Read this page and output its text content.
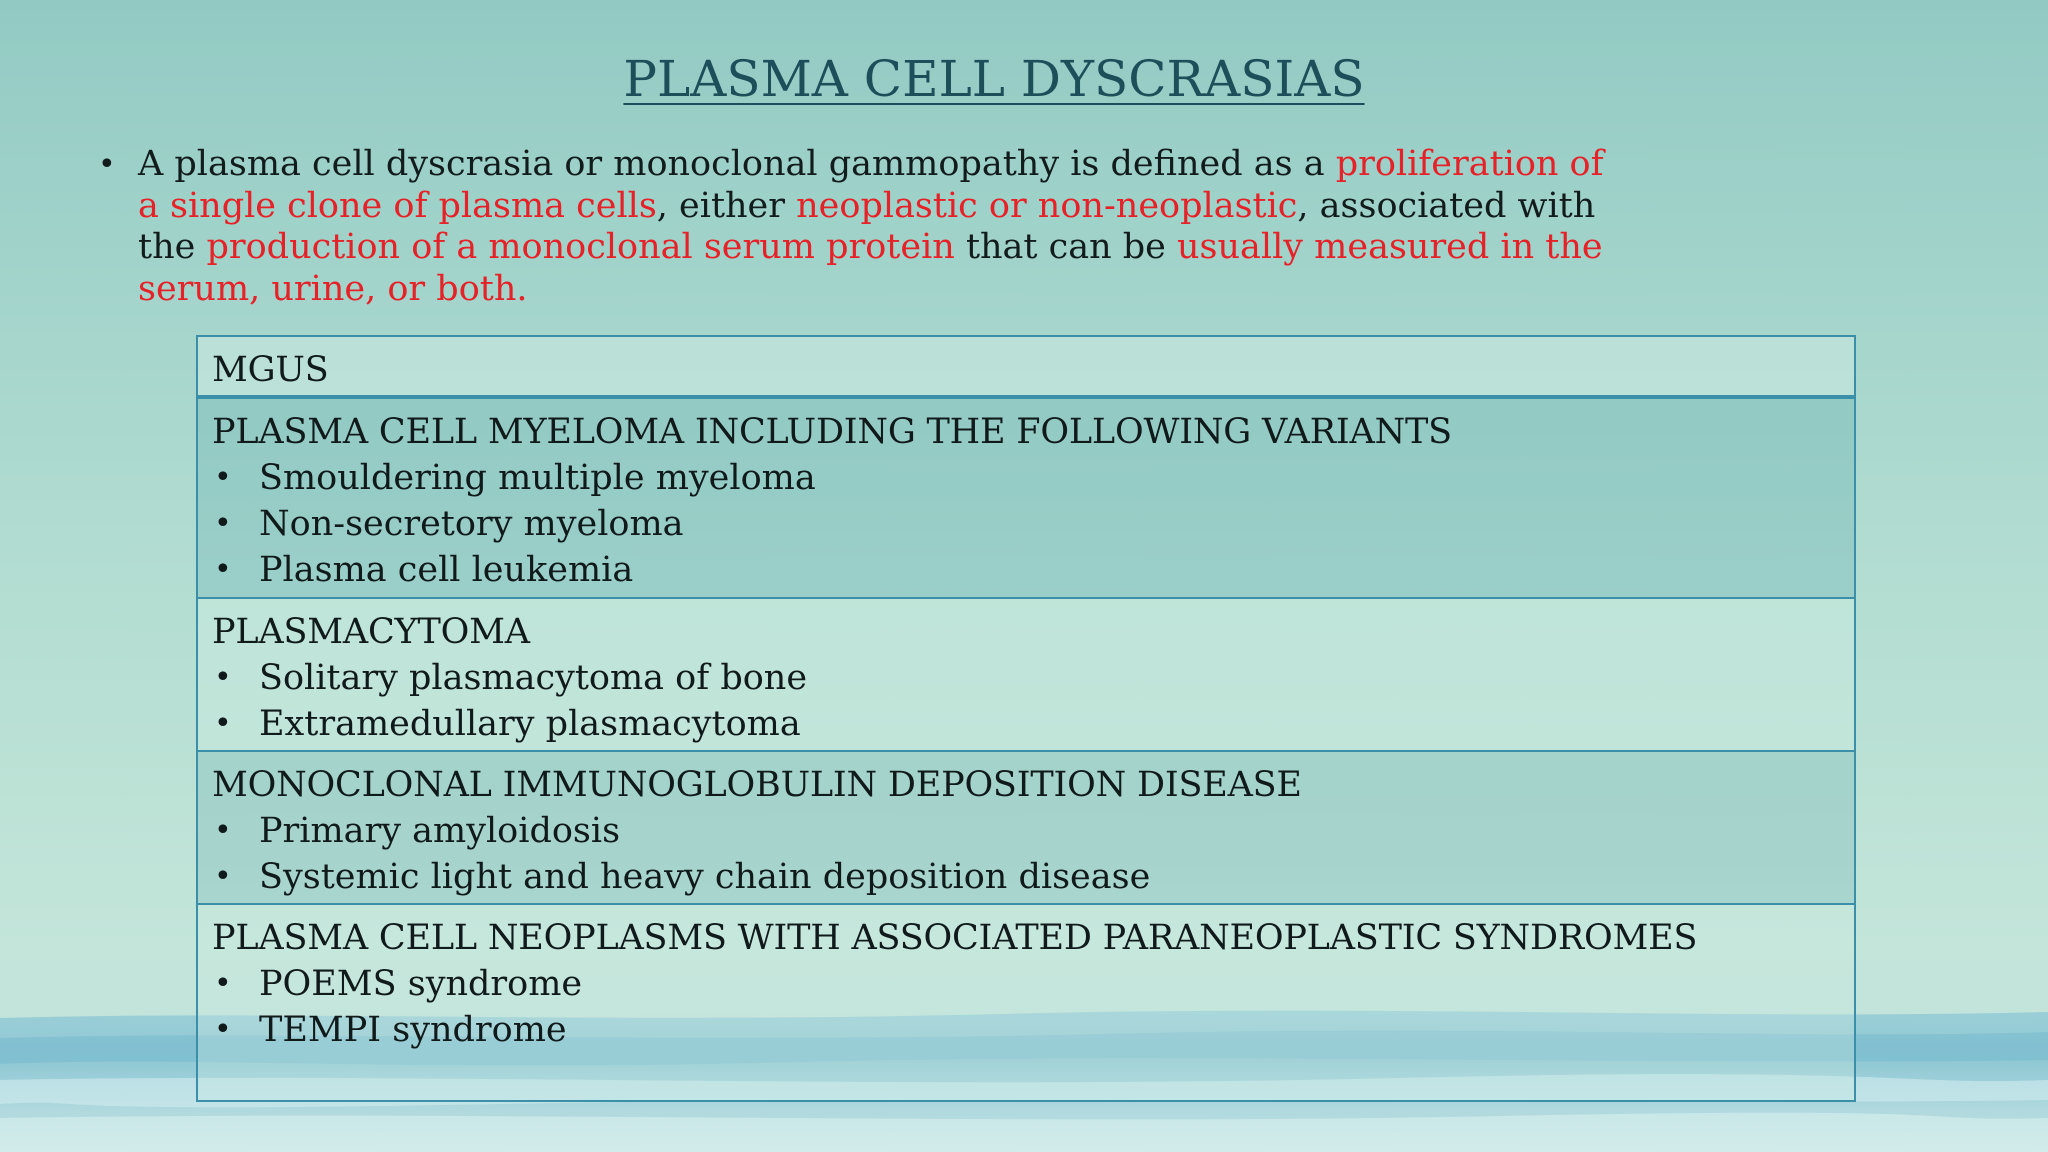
PLASMA CELL DYSCRASIAS
• A plasma cell dyscrasia or monoclonal gammopathy is defined as a proliferation of a single clone of plasma cells, either neoplastic or non-neoplastic, associated with the production of a monoclonal serum protein that can be usually measured in the serum, urine, or both.

MGUS

PLASMA CELL MYELOMA INCLUDING THE FOLLOWING VARIANTS

• Smouldering multiple myeloma
• Non-secretory myeloma
• Plasma cell leukemia

PLASMACYTOMA

• Solitary plasmacytoma of bone
• Extramedullary plasmacytoma

MONOCLONAL IMMUNOGLOBULIN DEPOSITION DISEASE

• Primary amyloidosis
• Systemic light and heavy chain deposition disease

PLASMA CELL NEOPLASMS WITH ASSOCIATED PARANEOPLASTIC SYNDROMES

• POEMS syndrome
• TEMPI syndrome
